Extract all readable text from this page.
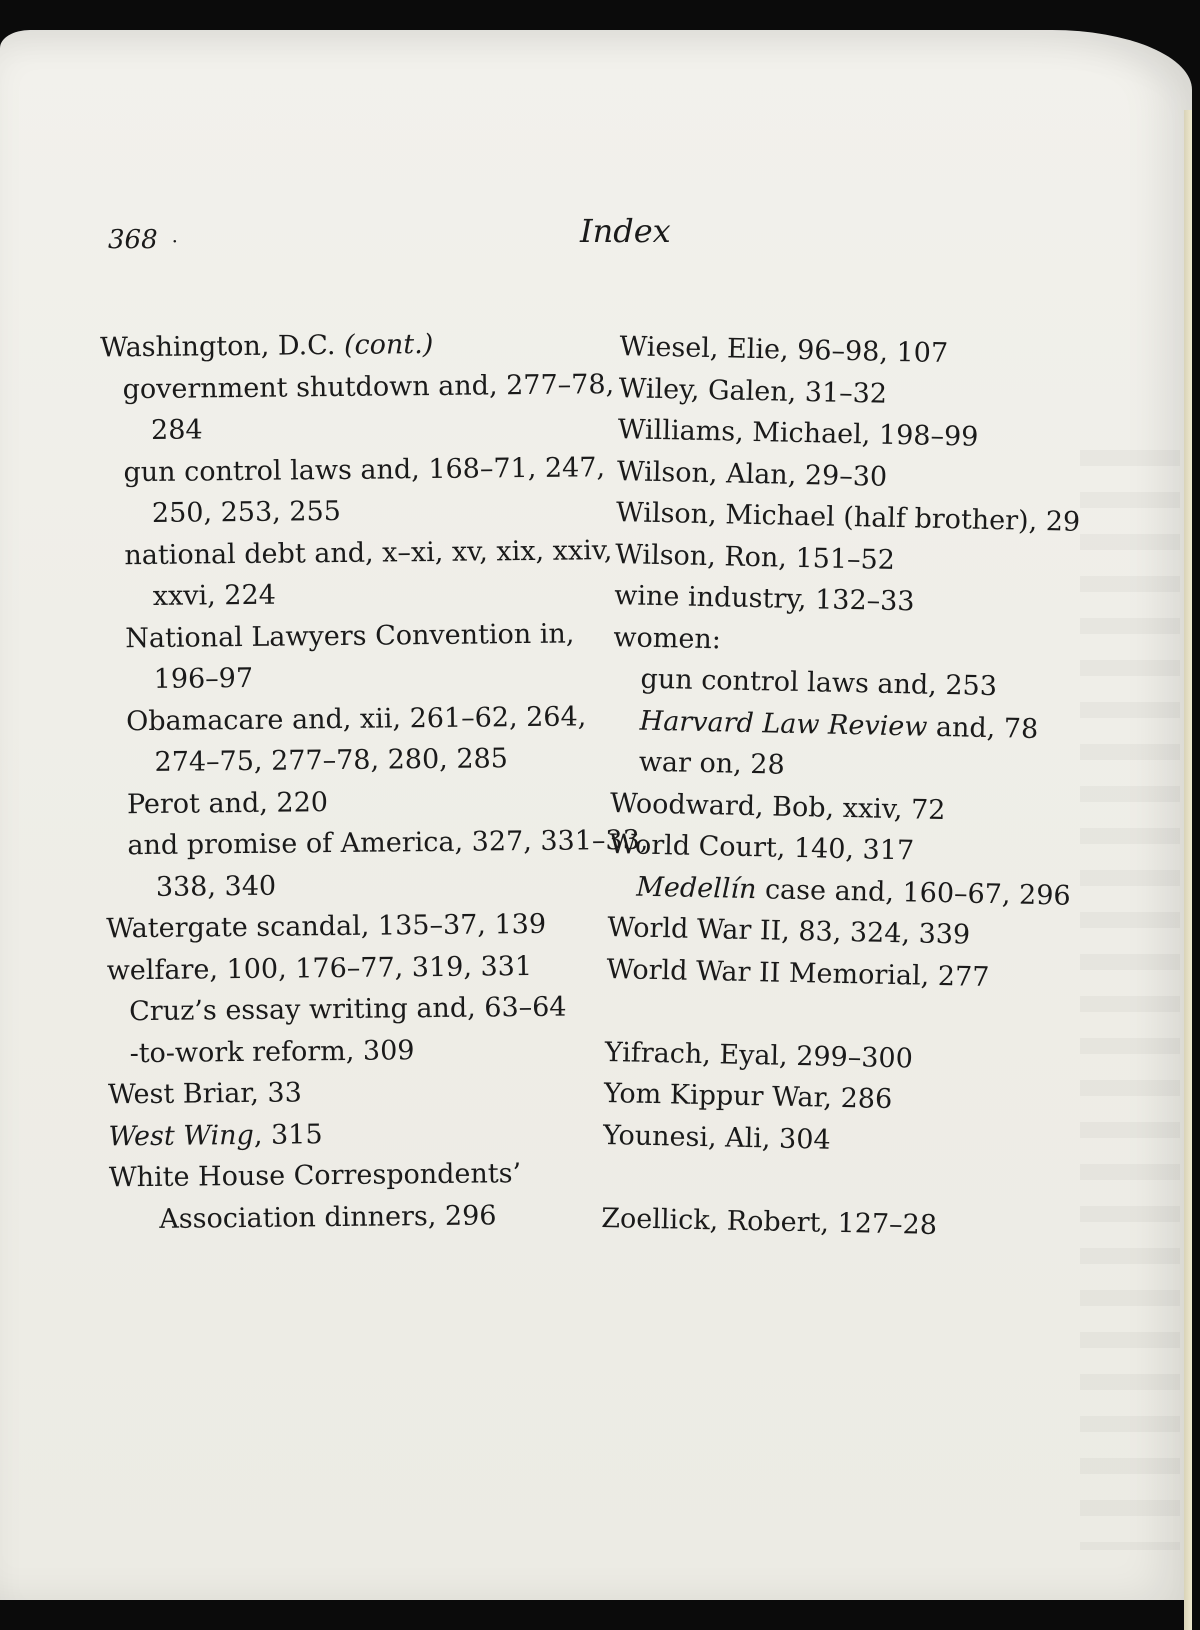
368 ·	Index
Washington, D.C. (cont.)
government shutdown and, 277–78,
284
gun control laws and, 168–71, 247,
250, 253, 255
national debt and, x–xi, xv, xix, xxiv,
xxvi, 224
National Lawyers Convention in,
196–97
Obamacare and, xii, 261–62, 264,
274–75, 277–78, 280, 285
Perot and, 220
and promise of America, 327, 331–33,
338, 340
Watergate scandal, 135–37, 139
welfare, 100, 176–77, 319, 331
Cruz’s essay writing and, 63–64
-to-work reform, 309
West Briar, 33
West Wing, 315
White House Correspondents’
Association dinners, 296
Wiesel, Elie, 96–98, 107
Wiley, Galen, 31–32
Williams, Michael, 198–99
Wilson, Alan, 29–30
Wilson, Michael (half brother), 29
Wilson, Ron, 151–52
wine industry, 132–33
women:
gun control laws and, 253
Harvard Law Review and, 78
war on, 28
Woodward, Bob, xxiv, 72
World Court, 140, 317
Medellín case and, 160–67, 296
World War II, 83, 324, 339
World War II Memorial, 277
Yifrach, Eyal, 299–300
Yom Kippur War, 286
Younesi, Ali, 304
Zoellick, Robert, 127–28
